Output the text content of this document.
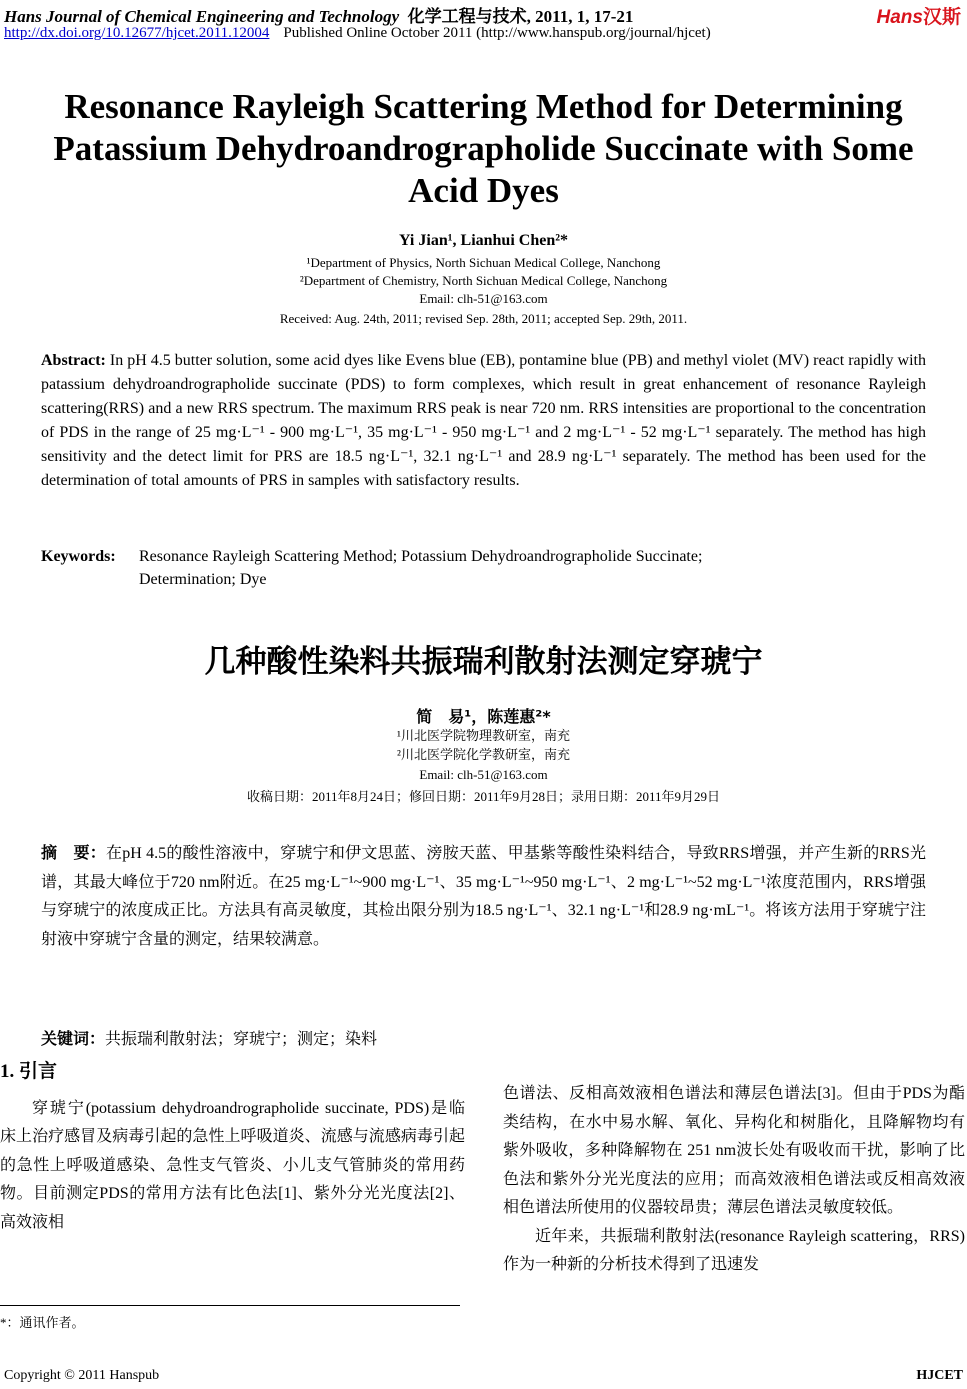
Hans Journal of Chemical Engineering and Technology 化学工程与技术, 2011, 1, 17-21	Hans汉斯
http://dx.doi.org/10.12677/hjcet.2011.12004 Published Online October 2011 (http://www.hanspub.org/journal/hjcet)
Resonance Rayleigh Scattering Method for Determining Patassium Dehydroandrographolide Succinate with Some Acid Dyes
Yi Jian¹, Lianhui Chen²*
¹Department of Physics, North Sichuan Medical College, Nanchong
²Department of Chemistry, North Sichuan Medical College, Nanchong
Email: clh-51@163.com
Received: Aug. 24th, 2011; revised Sep. 28th, 2011; accepted Sep. 29th, 2011.
Abstract: In pH 4.5 butter solution, some acid dyes like Evens blue (EB), pontamine blue (PB) and methyl violet (MV) react rapidly with patassium dehydroandrographolide succinate (PDS) to form complexes, which result in great enhancement of resonance Rayleigh scattering(RRS) and a new RRS spectrum. The maximum RRS peak is near 720 nm. RRS intensities are proportional to the concentration of PDS in the range of 25 mg·L⁻¹ - 900 mg·L⁻¹, 35 mg·L⁻¹ - 950 mg·L⁻¹ and 2 mg·L⁻¹ - 52 mg·L⁻¹ separately. The method has high sensitivity and the detect limit for PRS are 18.5 ng·L⁻¹, 32.1 ng·L⁻¹ and 28.9 ng·L⁻¹ separately. The method has been used for the determination of total amounts of PRS in samples with satisfactory results.
Keywords: Resonance Rayleigh Scattering Method; Potassium Dehydroandrographolide Succinate;
Determination; Dye
几种酸性染料共振瑞利散射法测定穿琥宁
简　易¹，陈莲惠²*
¹川北医学院物理教研室，南充
²川北医学院化学教研室，南充
Email: clh-51@163.com
收稿日期：2011年8月24日；修回日期：2011年9月28日；录用日期：2011年9月29日
摘　要：在pH 4.5的酸性溶液中，穿琥宁和伊文思蓝、滂胺天蓝、甲基紫等酸性染料结合，导致RRS增强，并产生新的RRS光谱，其最大峰位于720 nm附近。在25 mg·L⁻¹~900 mg·L⁻¹、35 mg·L⁻¹~950 mg·L⁻¹、2 mg·L⁻¹~52 mg·L⁻¹浓度范围内，RRS增强与穿琥宁的浓度成正比。方法具有高灵敏度，其检出限分别为18.5 ng·L⁻¹、32.1 ng·L⁻¹和28.9 ng·mL⁻¹。将该方法用于穿琥宁注射液中穿琥宁含量的测定，结果较满意。
关键词：共振瑞利散射法；穿琥宁；测定；染料
1. 引言

穿琥宁(potassium dehydroandrographolide succinate, PDS)是临床上治疗感冒及病毒引起的急性上呼吸道炎、流感与流感病毒引起的急性上呼吸道感染、急性支气管炎、小儿支气管肺炎的常用药物。目前测定PDS的常用方法有比色法[1]、紫外分光光度法[2]、高效液相

色谱法、反相高效液相色谱法和薄层色谱法[3]。但由于PDS为酯类结构，在水中易水解、氧化、异构化和树脂化，且降解物均有紫外吸收，多种降解物在 251 nm波长处有吸收而干扰，影响了比色法和紫外分光光度法的应用；而高效液相色谱法或反相高效液相色谱法所使用的仪器较昂贵；薄层色谱法灵敏度较低。

近年来，共振瑞利散射法(resonance Rayleigh scattering，RRS)作为一种新的分析技术得到了迅速发

*：通讯作者。
Copyright © 2011 Hanspub	HJCET
